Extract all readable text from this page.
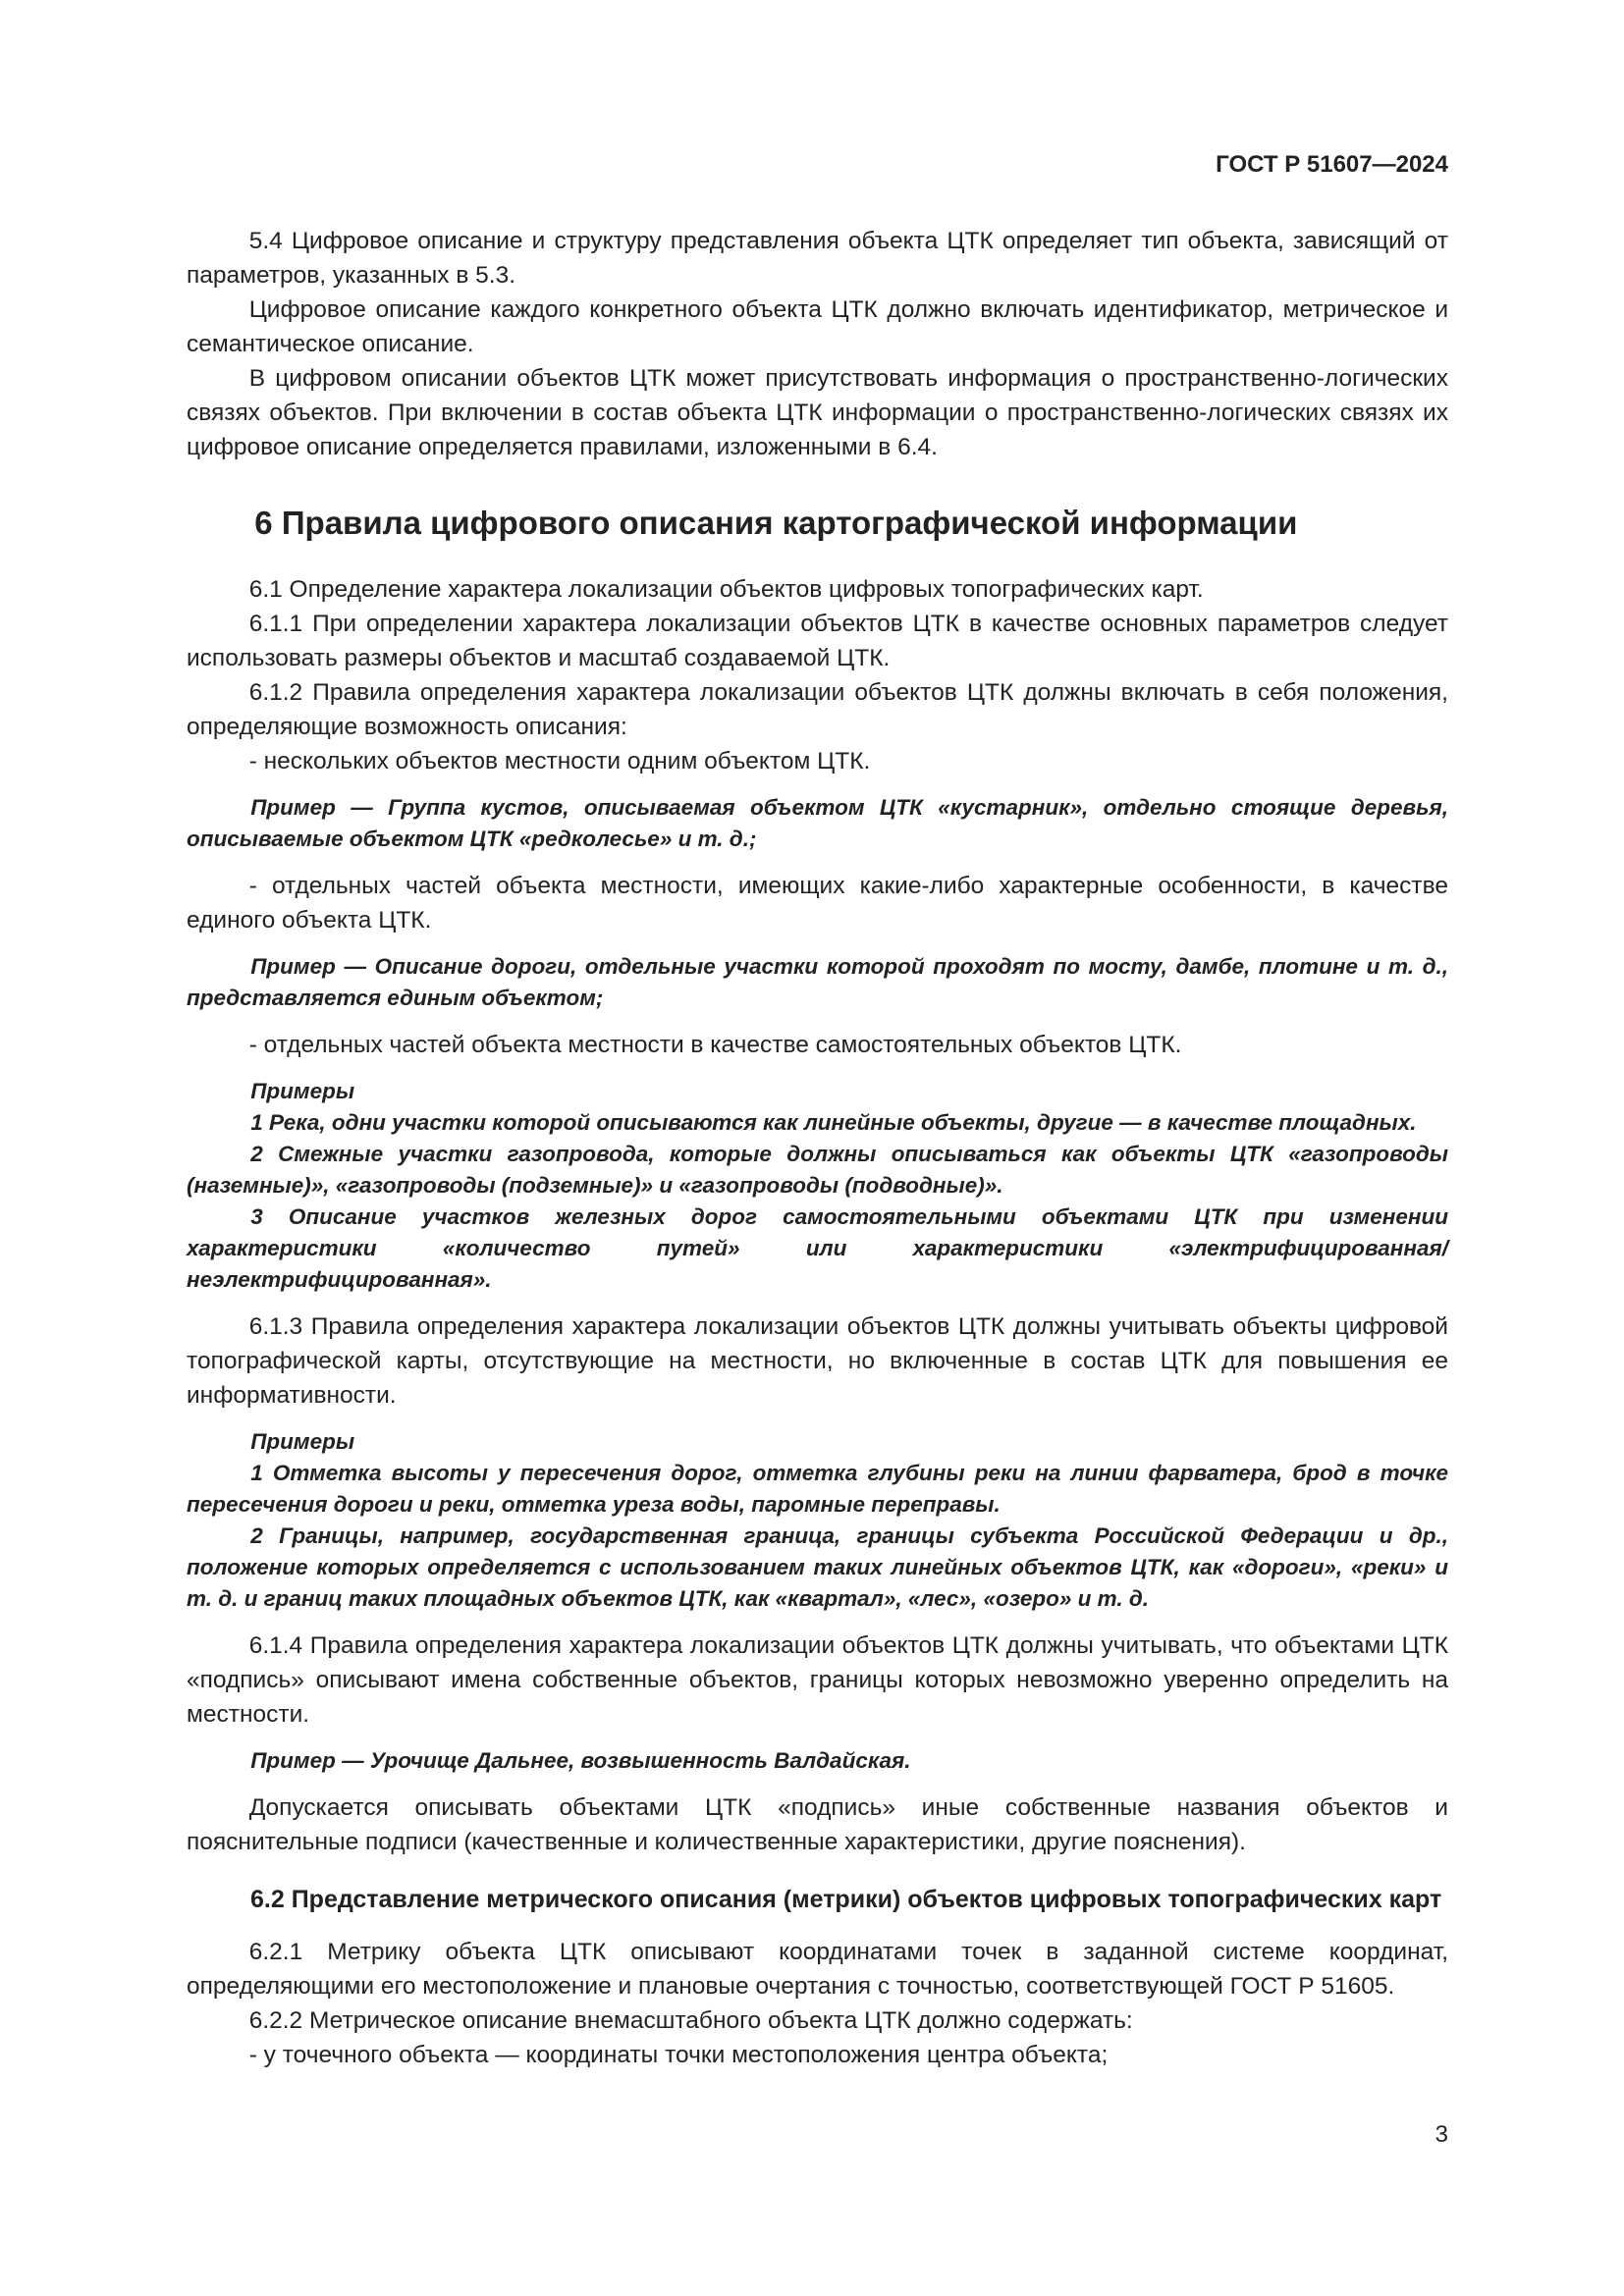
ГОСТ Р 51607—2024

5.4 Цифровое описание и структуру представления объекта ЦТК определяет тип объекта, зависящий от параметров, указанных в 5.3.

Цифровое описание каждого конкретного объекта ЦТК должно включать идентификатор, метрическое и семантическое описание.

В цифровом описании объектов ЦТК может присутствовать информация о пространственно-логических связях объектов. При включении в состав объекта ЦТК информации о пространственно-логических связях их цифровое описание определяется правилами, изложенными в 6.4.

6 Правила цифрового описания картографической информации

6.1 Определение характера локализации объектов цифровых топографических карт.

6.1.1 При определении характера локализации объектов ЦТК в качестве основных параметров следует использовать размеры объектов и масштаб создаваемой ЦТК.

6.1.2 Правила определения характера локализации объектов ЦТК должны включать в себя положения, определяющие возможность описания:

- нескольких объектов местности одним объектом ЦТК.

Пример — Группа кустов, описываемая объектом ЦТК «кустарник», отдельно стоящие деревья, описываемые объектом ЦТК «редколесье» и т. д.;

- отдельных частей объекта местности, имеющих какие-либо характерные особенности, в качестве единого объекта ЦТК.

Пример — Описание дороги, отдельные участки которой проходят по мосту, дамбе, плотине и т. д., представляется единым объектом;

- отдельных частей объекта местности в качестве самостоятельных объектов ЦТК.

Примеры

1 Река, одни участки которой описываются как линейные объекты, другие — в качестве площадных.

2 Смежные участки газопровода, которые должны описываться как объекты ЦТК «газопроводы (наземные)», «газопроводы (подземные)» и «газопроводы (подводные)».

3 Описание участков железных дорог самостоятельными объектами ЦТК при изменении характеристики «количество путей» или характеристики «электрифицированная/неэлектрифицированная».

6.1.3 Правила определения характера локализации объектов ЦТК должны учитывать объекты цифровой топографической карты, отсутствующие на местности, но включенные в состав ЦТК для повышения ее информативности.

Примеры

1 Отметка высоты у пересечения дорог, отметка глубины реки на линии фарватера, брод в точке пересечения дороги и реки, отметка уреза воды, паромные переправы.

2 Границы, например, государственная граница, границы субъекта Российской Федерации и др., положение которых определяется с использованием таких линейных объектов ЦТК, как «дороги», «реки» и т. д. и границ таких площадных объектов ЦТК, как «квартал», «лес», «озеро» и т. д.

6.1.4 Правила определения характера локализации объектов ЦТК должны учитывать, что объектами ЦТК «подпись» описывают имена собственные объектов, границы которых невозможно уверенно определить на местности.

Пример — Урочище Дальнее, возвышенность Валдайская.

Допускается описывать объектами ЦТК «подпись» иные собственные названия объектов и пояснительные подписи (качественные и количественные характеристики, другие пояснения).

6.2 Представление метрического описания (метрики) объектов цифровых топографических карт

6.2.1 Метрику объекта ЦТК описывают координатами точек в заданной системе координат, определяющими его местоположение и плановые очертания с точностью, соответствующей ГОСТ Р 51605.

6.2.2 Метрическое описание внемасштабного объекта ЦТК должно содержать:

- у точечного объекта — координаты точки местоположения центра объекта;

3
